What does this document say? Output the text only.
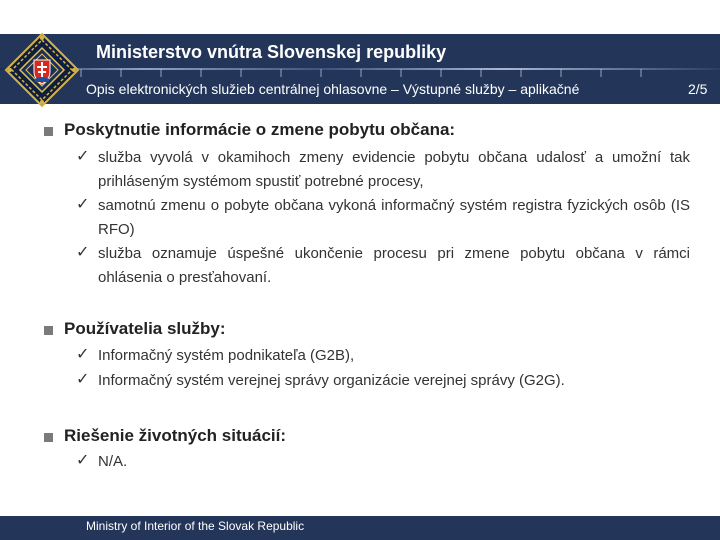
Ministerstvo vnútra Slovenskej republiky
Opis elektronických služieb centrálnej ohlasovne – Výstupné služby – aplikačné	2/5
Poskytnutie informácie o zmene pobytu občana:
✓ služba vyvolá v okamihoch zmeny evidencie pobytu občana udalosť a umožní tak prihláseným systémom spustiť potrebné procesy,
✓ samotnú zmenu o pobyte občana vykoná informačný systém registra fyzických osôb (IS RFO)
✓ služba oznamuje úspešné ukončenie procesu pri zmene pobytu občana v rámci ohlásenia o presťahovaní.
Používatelia služby:
✓ Informačný systém podnikateľa (G2B),
✓ Informačný systém verejnej správy organizácie verejnej správy (G2G).
Riešenie životných situácií:
✓ N/A.
Ministry of Interior of the Slovak Republic
